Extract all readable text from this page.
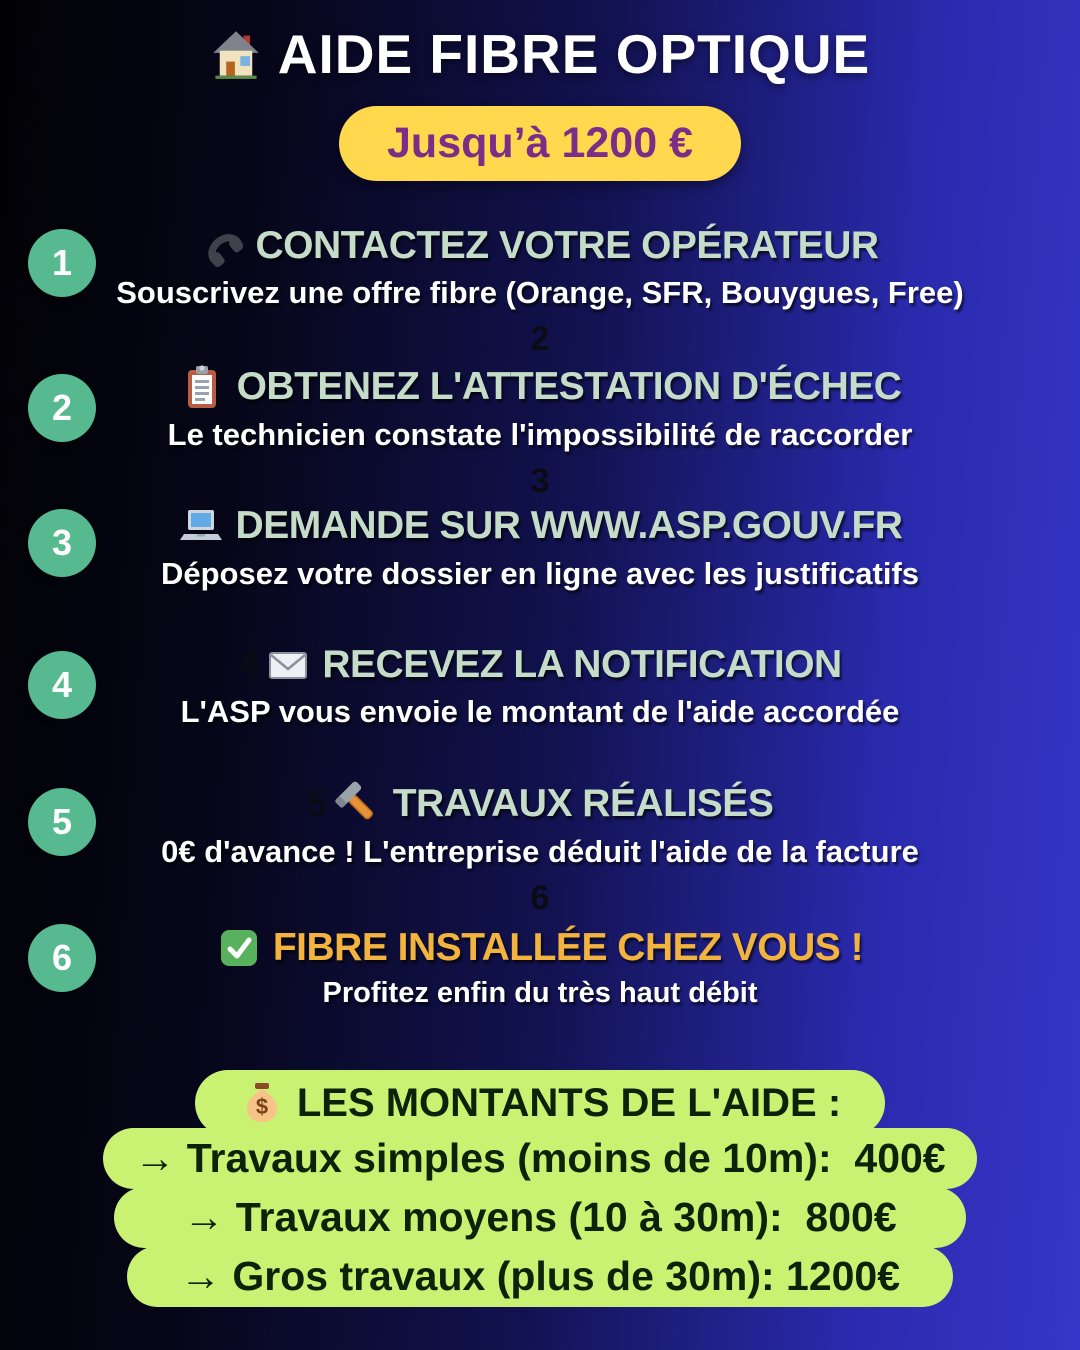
AIDE FIBRE OPTIQUE
Jusqu’à 1200 €
1
2
3
4
5
6
CONTACTEZ VOTRE OPÉRATEUR
Souscrivez une offre fibre (Orange, SFR, Bouygues, Free)
2
OBTENEZ L'ATTESTATION D'ÉCHEC
Le technicien constate l'impossibilité de raccorder
3
DEMANDE SUR WWW.ASP.GOUV.FR
Déposez votre dossier en ligne avec les justificatifs
4 RECEVEZ LA NOTIFICATION
L'ASP vous envoie le montant de l'aide accordée
5 TRAVAUX RÉALISÉS
0€ d'avance ! L'entreprise déduit l'aide de la facture
6
FIBRE INSTALLÉE CHEZ VOUS !
Profitez enfin du très haut débit
$ LES MONTANTS DE L'AIDE :
→ Travaux simples (moins de 10m):  400€
→ Travaux moyens (10 à 30m):  800€
→ Gros travaux (plus de 30m): 1200€
